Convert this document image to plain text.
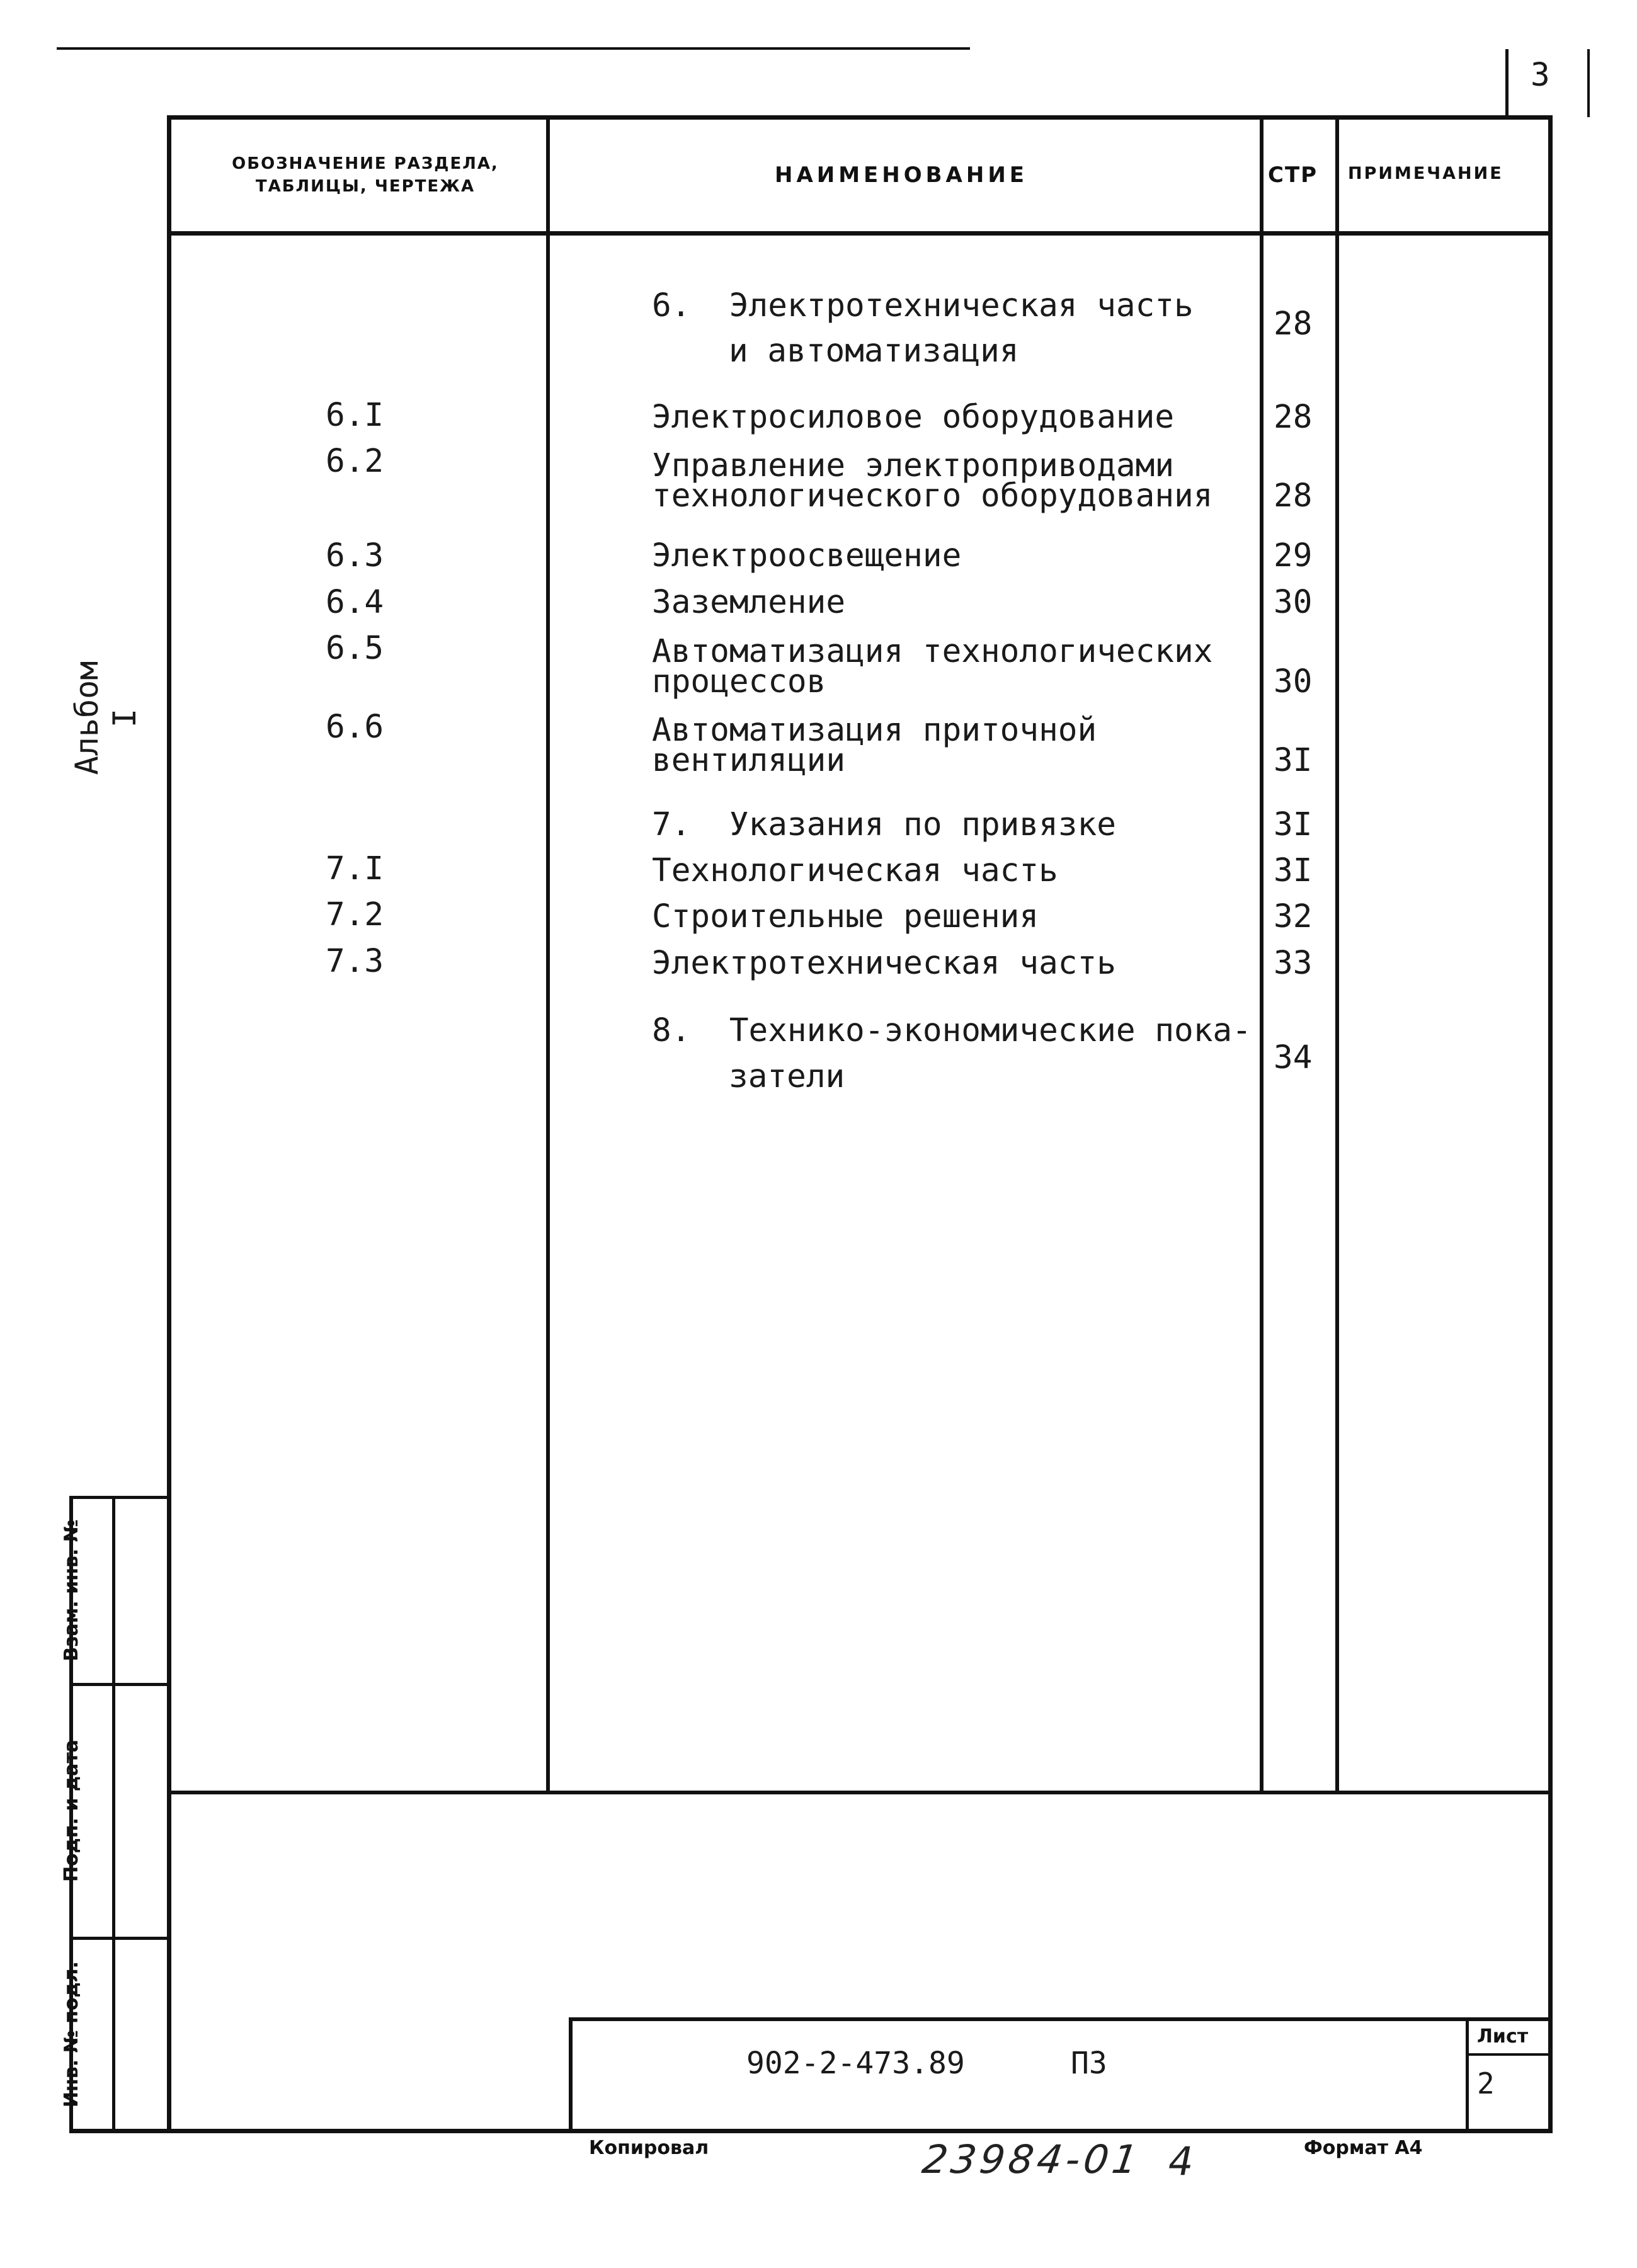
3
ОБОЗНАЧЕНИЕ РАЗДЕЛА, ТАБЛИЦЫ, ЧЕРТЕЖА	НАИМЕНОВАНИЕ	СТР ПРИМЕЧАНИЕ
6.  Электротехническая часть 28
и автоматизация
6.I	Электросиловое оборудование	28
6.2	Управление электроприводами
технологического оборудования 28
6.3	Электроосвещение	29
6.4	Заземление	30
6.5	Автоматизация технологических
процессов	30
6.6	Автоматизация приточной
вентиляции	3I
7.  Указания по привязке	3I
7.I	Технологическая часть	3I
7.2	Строительные решения	32
7.3	Электротехническая часть	33
8.  Технико-экономические пока-
34
затели
Альбом I
Взам. инв. №
Подп. и дата
Инв. № подл.	902-2-473.89	ПЗ
Лист
2
Копировал	23984-01 4	Формат А4
